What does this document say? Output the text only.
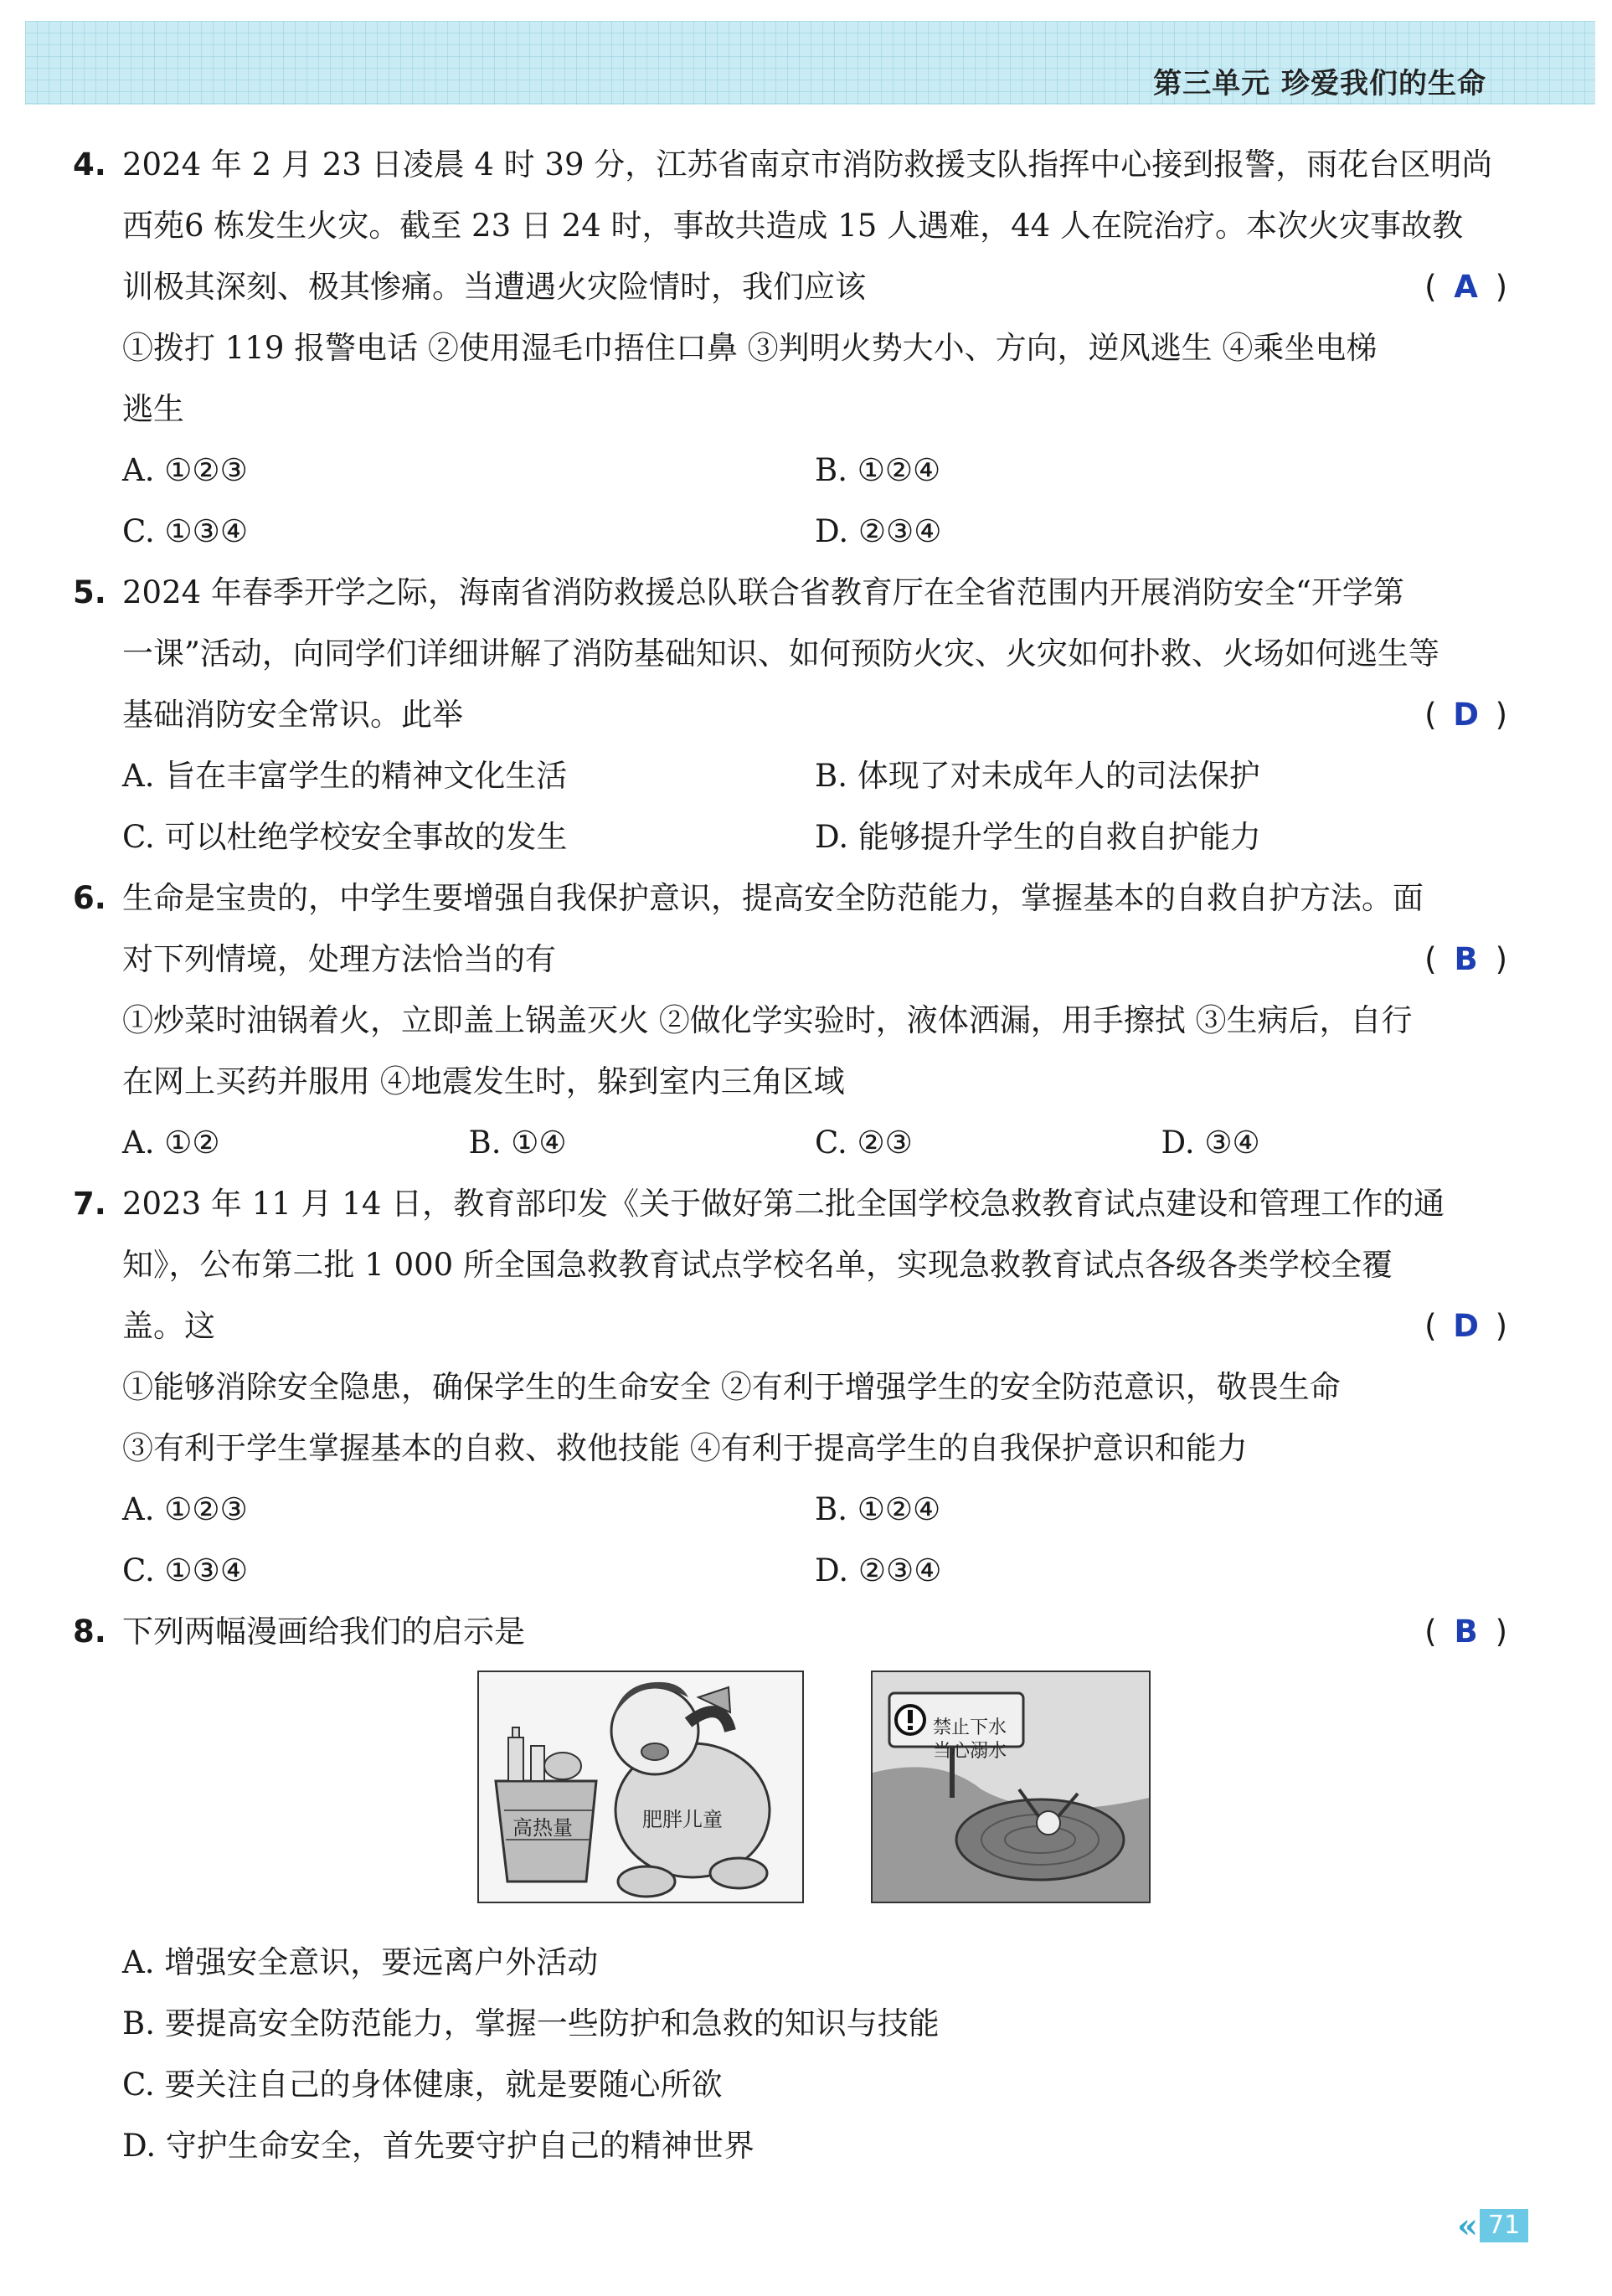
第三单元 珍爱我们的生命
4. 2024 年 2 月 23 日凌晨 4 时 39 分，江苏省南京市消防救援支队指挥中心接到报警，雨花台区明尚
西苑6 栋发生火灾。截至 23 日 24 时，事故共造成 15 人遇难，44 人在院治疗。本次火灾事故教
训极其深刻、极其惨痛。当遭遇火灾险情时，我们应该	( A )
①拨打 119 报警电话 ②使用湿毛巾捂住口鼻 ③判明火势大小、方向，逆风逃生 ④乘坐电梯
逃生
A. ①②③	B. ①②④
C. ①③④	D. ②③④
5. 2024 年春季开学之际，海南省消防救援总队联合省教育厅在全省范围内开展消防安全“开学第
一课”活动，向同学们详细讲解了消防基础知识、如何预防火灾、火灾如何扑救、火场如何逃生等
基础消防安全常识。此举	( D )
A. 旨在丰富学生的精神文化生活	B. 体现了对未成年人的司法保护
C. 可以杜绝学校安全事故的发生	D. 能够提升学生的自救自护能力
6. 生命是宝贵的，中学生要增强自我保护意识，提高安全防范能力，掌握基本的自救自护方法。面
对下列情境，处理方法恰当的有	( B )
①炒菜时油锅着火，立即盖上锅盖灭火 ②做化学实验时，液体洒漏，用手擦拭 ③生病后，自行
在网上买药并服用 ④地震发生时，躲到室内三角区域
A. ①②	B. ①④	C. ②③	D. ③④
7. 2023 年 11 月 14 日，教育部印发《关于做好第二批全国学校急救教育试点建设和管理工作的通
知》，公布第二批 1 000 所全国急救教育试点学校名单，实现急救教育试点各级各类学校全覆
盖。这	( D )
①能够消除安全隐患，确保学生的生命安全 ②有利于增强学生的安全防范意识，敬畏生命
③有利于学生掌握基本的自救、救他技能 ④有利于提高学生的自我保护意识和能力
A. ①②③	B. ①②④
C. ①③④	D. ②③④
8. 下列两幅漫画给我们的启示是	( B )
高热量	肥胖儿童
禁止下水
当心溺水
A. 增强安全意识，要远离户外活动
B. 要提高安全防范能力，掌握一些防护和急救的知识与技能
C. 要关注自己的身体健康，就是要随心所欲
D. 守护生命安全，首先要守护自己的精神世界
« 71
